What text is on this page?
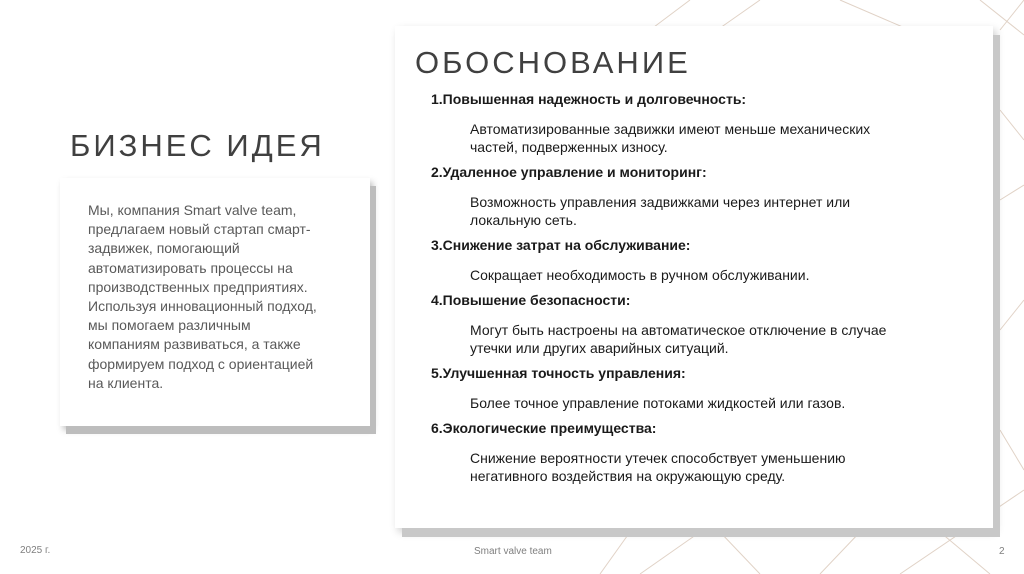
БИЗНЕС ИДЕЯ
Мы, компания Smart valve team,
предлагаем новый стартап смарт-
задвижек, помогающий
автоматизировать процессы на
производственных предприятиях.
Используя инновационный подход,
мы помогаем различным
компаниям развиваться, а также
формируем подход с ориентацией
на клиента.
ОБОСНОВАНИЕ
1.Повышенная надежность и долговечность:
Автоматизированные задвижки имеют меньше механических
частей, подверженных износу.
2.Удаленное управление и мониторинг:
Возможность управления задвижками через интернет или
локальную сеть.
3.Снижение затрат на обслуживание:
Сокращает необходимость в ручном обслуживании.
4.Повышение безопасности:
Могут быть настроены на автоматическое отключение в случае
утечки или других аварийных ситуаций.
5.Улучшенная точность управления:
Более точное управление потоками жидкостей или газов.
6.Экологические преимущества:
Снижение вероятности утечек способствует уменьшению
негативного воздействия на окружающую среду.
2025 г.	Smart valve team	2
